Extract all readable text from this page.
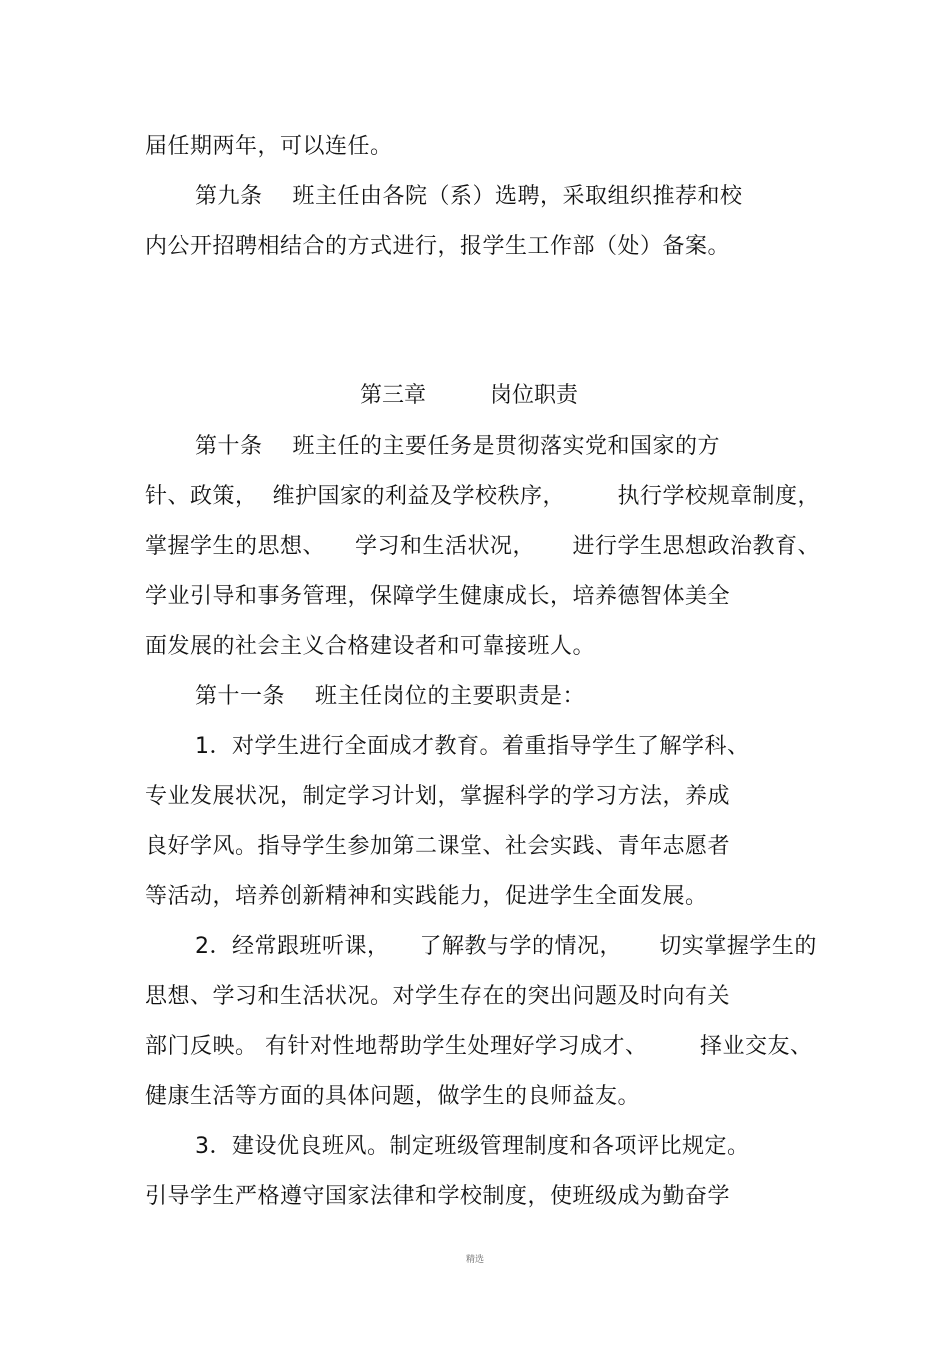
届任期两年，可以连任。
第九条    班主任由各院（系）选聘，采取组织推荐和校
内公开招聘相结合的方式进行，报学生工作部（处）备案。
第三章	岗位职责
第十条    班主任的主要任务是贯彻落实党和国家的方
针、政策，  维护国家的利益及学校秩序，       执行学校规章制度，
掌握学生的思想、    学习和生活状况，     进行学生思想政治教育、
学业引导和事务管理，保障学生健康成长，培养德智体美全
面发展的社会主义合格建设者和可靠接班人。
第十一条    班主任岗位的主要职责是：
1．对学生进行全面成才教育。着重指导学生了解学科、
专业发展状况，制定学习计划，掌握科学的学习方法，养成
良好学风。指导学生参加第二课堂、社会实践、青年志愿者
等活动，培养创新精神和实践能力，促进学生全面发展。
2．经常跟班听课，    了解教与学的情况，     切实掌握学生的
思想、学习和生活状况。对学生存在的突出问题及时向有关
部门反映。 有针对性地帮助学生处理好学习成才、       择业交友、
健康生活等方面的具体问题，做学生的良师益友。
3．建设优良班风。制定班级管理制度和各项评比规定。
引导学生严格遵守国家法律和学校制度，使班级成为勤奋学
精选
